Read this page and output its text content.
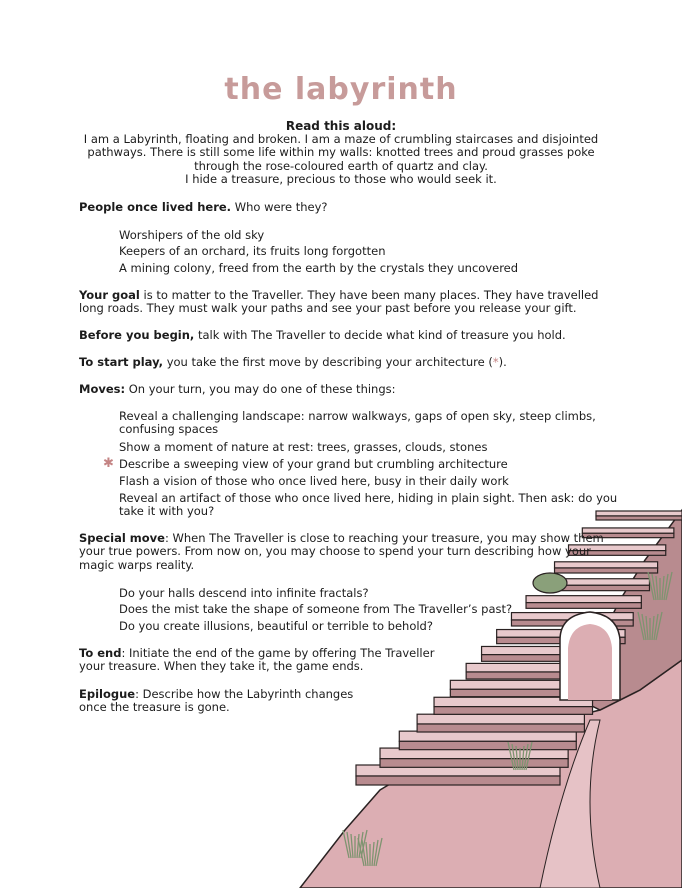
the labyrinth
Read this aloud:
I am a Labyrinth, floating and broken. I am a maze of crumbling staircases and disjointed
pathways. There is still some life within my walls: knotted trees and proud grasses poke
through the rose-coloured earth of quartz and clay.
I hide a treasure, precious to those who would seek it.
People once lived here. Who were they?
Worshipers of the old sky
Keepers of an orchard, its fruits long forgotten
A mining colony, freed from the earth by the crystals they uncovered
Your goal is to matter to the Traveller. They have been many places. They have travelled
long roads. They must walk your paths and see your past before you release your gift.
Before you begin, talk with The Traveller to decide what kind of treasure you hold.
To start play, you take the first move by describing your architecture (*).
Moves: On your turn, you may do one of these things:
Reveal a challenging landscape: narrow walkways, gaps of open sky, steep climbs,
confusing spaces
Show a moment of nature at rest: trees, grasses, clouds, stones
✱ Describe a sweeping view of your grand but crumbling architecture
Flash a vision of those who once lived here, busy in their daily work
Reveal an artifact of those who once lived here, hiding in plain sight. Then ask: do you
take it with you?
Special move: When The Traveller is close to reaching your treasure, you may show them
your true powers. From now on, you may choose to spend your turn describing how your
magic warps reality.
Do your halls descend into infinite fractals?
Does the mist take the shape of someone from The Traveller’s past?
Do you create illusions, beautiful or terrible to behold?
To end: Initiate the end of the game by offering The Traveller
your treasure. When they take it, the game ends.
Epilogue: Describe how the Labyrinth changes
once the treasure is gone.
